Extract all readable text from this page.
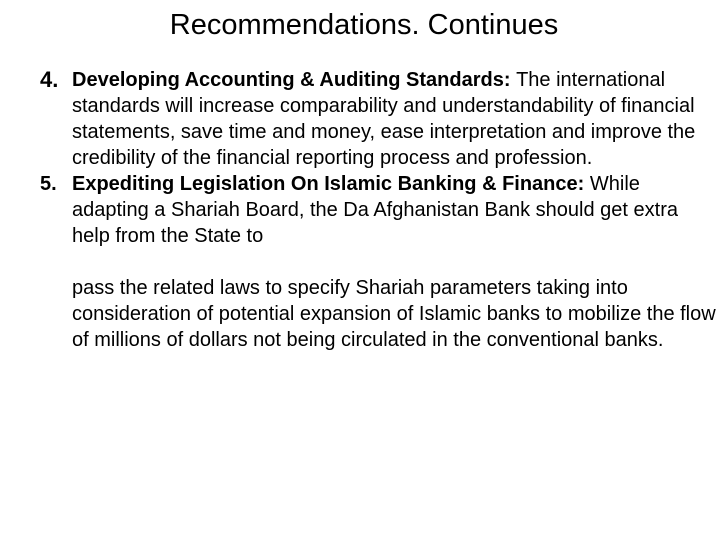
Recommendations. Continues
4. Developing Accounting & Auditing Standards: The international standards will increase comparability and understandability of financial statements, save time and money, ease interpretation and improve the credibility of the financial reporting process and profession.
5. Expediting Legislation On Islamic Banking & Finance: While adapting a Shariah Board, the Da Afghanistan Bank should get extra help from the State to
pass the related laws to specify Shariah parameters taking into consideration of potential expansion of Islamic banks to mobilize the flow of millions of dollars not being circulated in the conventional banks.
